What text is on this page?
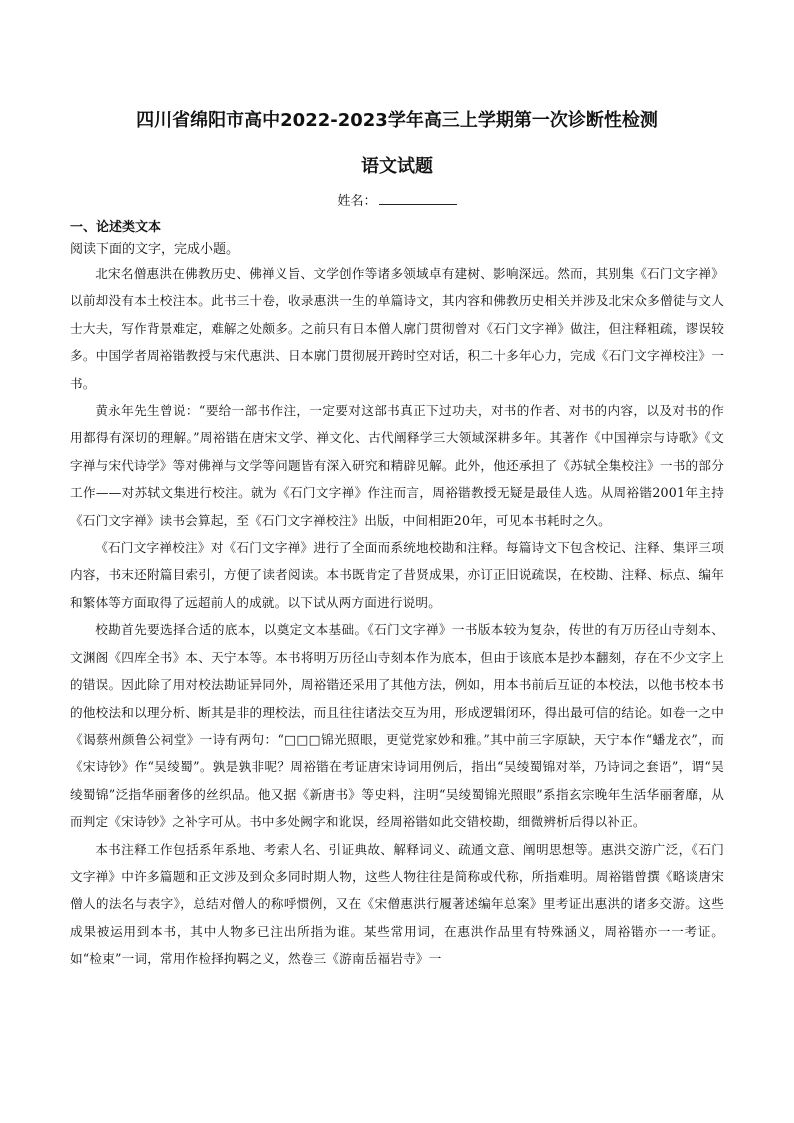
四川省绵阳市高中2022-2023学年高三上学期第一次诊断性检测
语文试题
姓名：
一、论述类文本
阅读下面的文字，完成小题。

北宋名僧惠洪在佛教历史、佛禅义旨、文学创作等诸多领域卓有建树、影响深远。然而，其别集《石门文字禅》以前却没有本土校注本。此书三十卷，收录惠洪一生的单篇诗文，其内容和佛教历史相关并涉及北宋众多僧徒与文人士大夫，写作背景难定，难解之处颇多。之前只有日本僧人廓门贯彻曾对《石门文字禅》做注，但注释粗疏，谬误较多。中国学者周裕锴教授与宋代惠洪、日本廓门贯彻展开跨时空对话，积二十多年心力，完成《石门文字禅校注》一书。

黄永年先生曾说：“要给一部书作注，一定要对这部书真正下过功夫，对书的作者、对书的内容，以及对书的作用都得有深切的理解。”周裕锴在唐宋文学、禅文化、古代阐释学三大领域深耕多年。其著作《中国禅宗与诗歌》《文字禅与宋代诗学》等对佛禅与文学等问题皆有深入研究和精辟见解。此外，他还承担了《苏轼全集校注》一书的部分工作——对苏轼文集进行校注。就为《石门文字禅》作注而言，周裕锴教授无疑是最佳人选。从周裕锴2001年主持《石门文字禅》读书会算起，至《石门文字禅校注》出版，中间相距20年，可见本书耗时之久。

《石门文字禅校注》对《石门文字禅》进行了全面而系统地校勘和注释。每篇诗文下包含校记、注释、集评三项内容，书末还附篇目索引，方便了读者阅读。本书既肯定了昔贤成果，亦订正旧说疏误，在校勘、注释、标点、编年和繁体等方面取得了远超前人的成就。以下试从两方面进行说明。

校勘首先要选择合适的底本，以奠定文本基础。《石门文字禅》一书版本较为复杂，传世的有万历径山寺刻本、文渊阁《四库全书》本、天宁本等。本书将明万历径山寺刻本作为底本，但由于该底本是抄本翻刻，存在不少文字上的错误。因此除了用对校法勘证异同外，周裕锴还采用了其他方法，例如，用本书前后互证的本校法，以他书校本书的他校法和以理分析、断其是非的理校法，而且往往诸法交互为用，形成逻辑闭环，得出最可信的结论。如卷一之中《谒蔡州颜鲁公祠堂》一诗有两句：“□□□锦光照眼，更觉党家妙和雅。”其中前三字原缺，天宁本作“蟠龙衣”，而《宋诗钞》作“吴绫蜀”。孰是孰非呢？周裕锴在考证唐宋诗词用例后，指出“吴绫蜀锦对举，乃诗词之套语”，谓“吴绫蜀锦”泛指华丽奢侈的丝织品。他又据《新唐书》等史料，注明“吴绫蜀锦光照眼”系指玄宗晚年生活华丽奢靡，从而判定《宋诗钞》之补字可从。书中多处阙字和讹误，经周裕锴如此交错校勘，细微辨析后得以补正。

本书注释工作包括系年系地、考索人名、引证典故、解释词义、疏通文意、阐明思想等。惠洪交游广泛，《石门文字禅》中许多篇题和正文涉及到众多同时期人物，这些人物往往是简称或代称，所指难明。周裕锴曾撰《略谈唐宋僧人的法名与表字》，总结对僧人的称呼惯例，又在《宋僧惠洪行履著述编年总案》里考证出惠洪的诸多交游。这些成果被运用到本书，其中人物多已注出所指为谁。某些常用词，在惠洪作品里有特殊涵义，周裕锴亦一一考证。如“检束”一词，常用作检择拘羁之义，然卷三《游南岳福岩寺》一
